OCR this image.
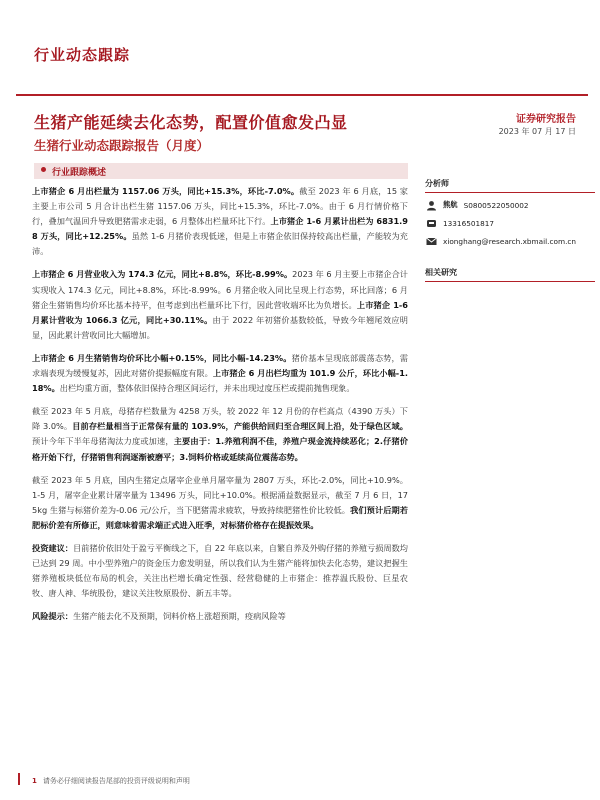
行业动态跟踪
生猪产能延续去化态势，配置价值愈发凸显
生猪行业动态跟踪报告（月度）
证券研究报告
2023 年 07 月 17 日
行业跟踪概述

上市猪企 6 月出栏量为 1157.06 万头，同比+15.3%，环比-7.0%。截至 2023 年 6 月底，15 家主要上市公司 5 月合计出栏生猪 1157.06 万头，同比+15.3%，环比-7.0%。由于 6 月行情价格下行，叠加气温回升导致肥猪需求走弱，6 月整体出栏量环比下行。上市猪企 1-6 月累计出栏为 6831.98 万头，同比+12.25%。虽然 1-6 月猪价表现低迷，但是上市猪企依旧保持较高出栏量，产能较为充沛。

上市猪企 6 月营业收入为 174.3 亿元，同比+8.8%，环比-8.99%。2023 年 6 月主要上市猪企合计实现收入 174.3 亿元，同比+8.8%，环比-8.99%。6 月猪企收入同比呈现上行态势，环比回落；6 月猪企生猪销售均价环比基本持平，但考虑到出栏量环比下行，因此营收端环比为负增长。上市猪企 1-6 月累计营收为 1066.3 亿元，同比+30.11%。由于 2022 年初猪价基数较低，导致今年翘尾效应明显，因此累计营收同比大幅增加。

上市猪企 6 月生猪销售均价环比小幅+0.15%，同比小幅-14.23%。猪价基本呈现底部震荡态势，需求端表现为缓慢复苏，因此对猪价提振幅度有限。上市猪企 6 月出栏均重为 101.9 公斤，环比小幅-1.18%。出栏均重方面，整体依旧保持合理区间运行，并未出现过度压栏或提前抛售现象。

截至 2023 年 5 月底，母猪存栏数量为 4258 万头，较 2022 年 12 月份的存栏高点（4390 万头）下降 3.0%。目前存栏量相当于正常保有量的 103.9%，产能供给回归至合理区间上沿，处于绿色区域。预计今年下半年母猪淘汰力度或加速，主要由于：1.养殖利润不佳，养殖户现金流持续恶化；2.仔猪价格开始下行，仔猪销售利润逐渐被磨平；3.饲料价格或延续高位震荡态势。

截至 2023 年 5 月底，国内生猪定点屠宰企业单月屠宰量为 2807 万头，环比-2.0%，同比+10.9%。1-5 月，屠宰企业累计屠宰量为 13496 万头，同比+10.0%。根据涌益数据显示，截至 7 月 6 日，175kg 生猪与标猪价差为-0.06 元/公斤，当下肥猪需求疲软，导致持续肥猪性价比较低。我们预计后期若肥标价差有所修正，则意味着需求端正式进入旺季，对标猪价格存在提振效果。

投资建议：目前猪价依旧处于盈亏平衡线之下，自 22 年底以来，自繁自养及外购仔猪的养殖亏损周数均已达到 29 周。中小型养殖户的资金压力愈发明显，所以我们认为生猪产能将加快去化态势，建议把握生猪养殖板块低位布局的机会，关注出栏增长确定性强、经营稳健的上市猪企：推荐温氏股份、巨星农牧、唐人神、华统股份，建议关注牧原股份、新五丰等。

风险提示：生猪产能去化不及预期，饲料价格上涨超预期，疫病风险等

分析师
熊航 S0800522050002
13316501817
xionghang@research.xbmail.com.cn
相关研究
1 请务必仔细阅读报告尾部的投资评级说明和声明
